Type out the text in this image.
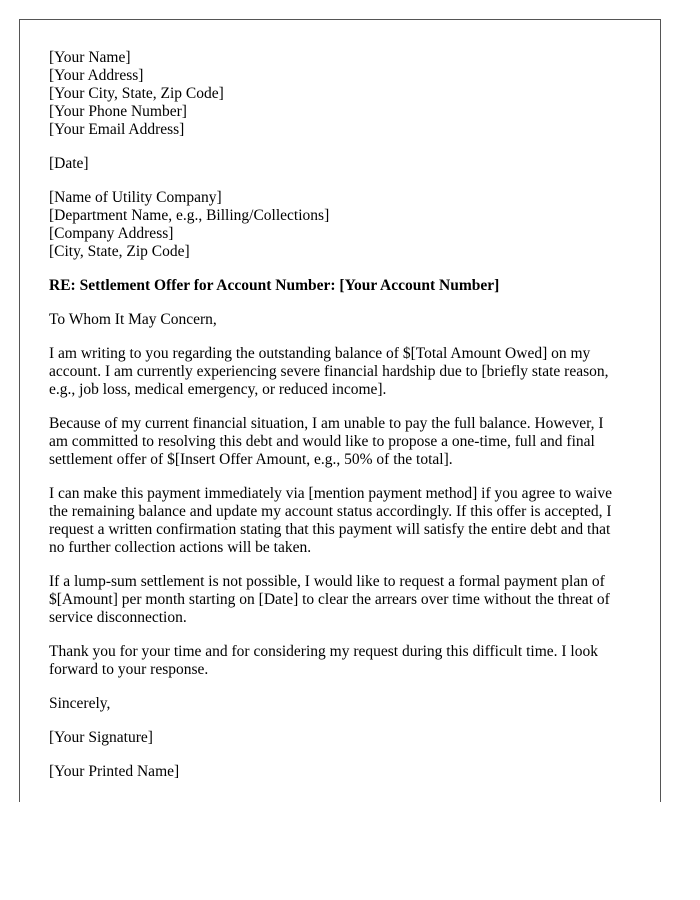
[Your Name]
[Your Address]
[Your City, State, Zip Code]
[Your Phone Number]
[Your Email Address]
[Date]
[Name of Utility Company]
[Department Name, e.g., Billing/Collections]
[Company Address]
[City, State, Zip Code]
RE: Settlement Offer for Account Number: [Your Account Number]
To Whom It May Concern,
I am writing to you regarding the outstanding balance of $[Total Amount Owed] on my
account. I am currently experiencing severe financial hardship due to [briefly state reason,
e.g., job loss, medical emergency, or reduced income].
Because of my current financial situation, I am unable to pay the full balance. However, I
am committed to resolving this debt and would like to propose a one-time, full and final
settlement offer of $[Insert Offer Amount, e.g., 50% of the total].
I can make this payment immediately via [mention payment method] if you agree to waive
the remaining balance and update my account status accordingly. If this offer is accepted, I
request a written confirmation stating that this payment will satisfy the entire debt and that
no further collection actions will be taken.
If a lump-sum settlement is not possible, I would like to request a formal payment plan of
$[Amount] per month starting on [Date] to clear the arrears over time without the threat of
service disconnection.
Thank you for your time and for considering my request during this difficult time. I look
forward to your response.
Sincerely,
[Your Signature]
[Your Printed Name]
